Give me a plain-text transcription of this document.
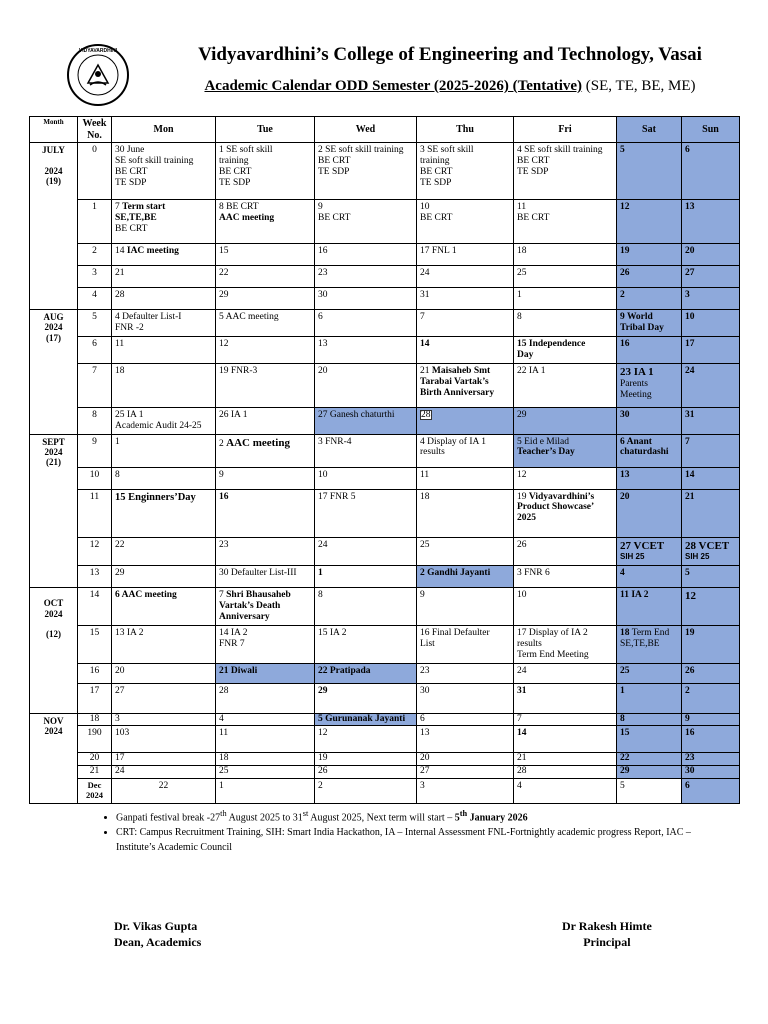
VIDYAVARDHINI	Vidyavardhini’s College of Engineering and Technology, Vasai
Academic Calendar ODD Semester (2025-2026) (Tentative) (SE, TE, BE, ME)
Month	Week No.	Mon	Tue	Wed	Thu	Fri	Sat	Sun	
JULY

2024
(19)	0	30 June
SE soft skill training
BE CRT
TE SDP	1 SE soft skill
training
BE CRT
TE SDP	2 SE soft skill training
BE CRT
TE SDP	3 SE soft skill
training
BE CRT
TE SDP	4 SE soft skill training
BE CRT
TE SDP	5	6	
	1	7 Term start
SE,TE,BE
BE CRT	8 BE CRT
AAC meeting	9
BE CRT	10
BE CRT	11
BE CRT	12	13	
	2	14 IAC meeting	15	16	17 FNL 1	18	19	20	
	3	21	22	23	24	25	26	27	
	4	28	29	30	31	1	2	3	
AUG
2024
(17)	5	4 Defaulter List-I
FNR -2	5 AAC meeting	6	7	8	9 World
Tribal Day	10	
	6	11	12	13	14	15 Independence
Day	16	17	
	7	18	19 FNR-3	20	21 Maisaheb Smt
Tarabai Vartak’s
Birth Anniversary	22 IA 1	23 IA 1
Parents
Meeting	24	
	8	25 IA 1
Academic Audit 24-25	26 IA 1	27 Ganesh chaturthi	28	29	30	31	
SEPT
2024
(21)	9	1	2 AAC meeting	3 FNR-4	4 Display of IA 1
results	5 Eid e Milad
Teacher’s Day	6 Anant
chaturdashi	7	
	10	8	9	10	11	12	13	14	
	11	15 Enginners’Day	16	17 FNR 5	18	19 Vidyavardhini’s
Product Showcase’
2025	20	21	
	12	22	23	24	25	26	27 VCET
SIH 25	28 VCET
SIH 25	
	13	29	30 Defaulter List-III	1	2 Gandhi Jayanti	3 FNR 6	4	5	
OCT
2024

(12)	14	6 AAC meeting	7 Shri Bhausaheb
Vartak’s Death
Anniversary	8	9	10	11 IA 2	12	
	15	13 IA 2	14 IA 2
FNR 7	15 IA 2	16 Final Defaulter
List	17 Display of IA 2
results
Term End Meeting	18 Term End
SE,TE,BE	19	
	16	20	21 Diwali	22 Pratipada	23	24	25	26	
	17	27	28	29	30	31	1	2	
NOV
2024	18	3	4	5 Gurunanak Jayanti	6	7	8	9	
	190	103	11	12	13	14	15	16	
	20	17	18	19	20	21	22	23	
	21	24	25	26	27	28	29	30	
	Dec 2024	22	1	2	3	4	5	6	
• Ganpati festival break -27th August 2025 to 31st August 2025, Next term will start – 5th January 2026
• CRT: Campus Recruitment Training, SIH: Smart India Hackathon, IA – Internal Assessment FNL-Fortnightly academic progress Report, IAC – Institute’s Academic Council
Dr. Vikas Gupta
Dean, Academics
Dr Rakesh Himte
Principal
